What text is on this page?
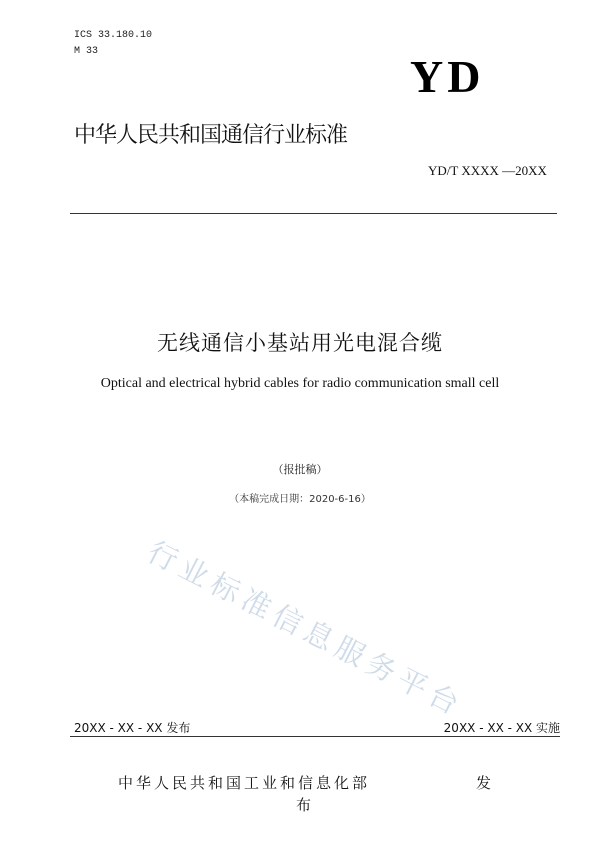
ICS 33.180.10
M 33	YD
中华人民共和国通信行业标准
YD/T XXXX —20XX
无线通信小基站用光电混合缆
Optical and electrical hybrid cables for radio communication small cell
（报批稿）
（本稿完成日期：2020-6-16）
行业标准信息服务平台
20XX - XX - XX 发布	20XX - XX - XX 实施
中华人民共和国工业和信息化部	发
布
